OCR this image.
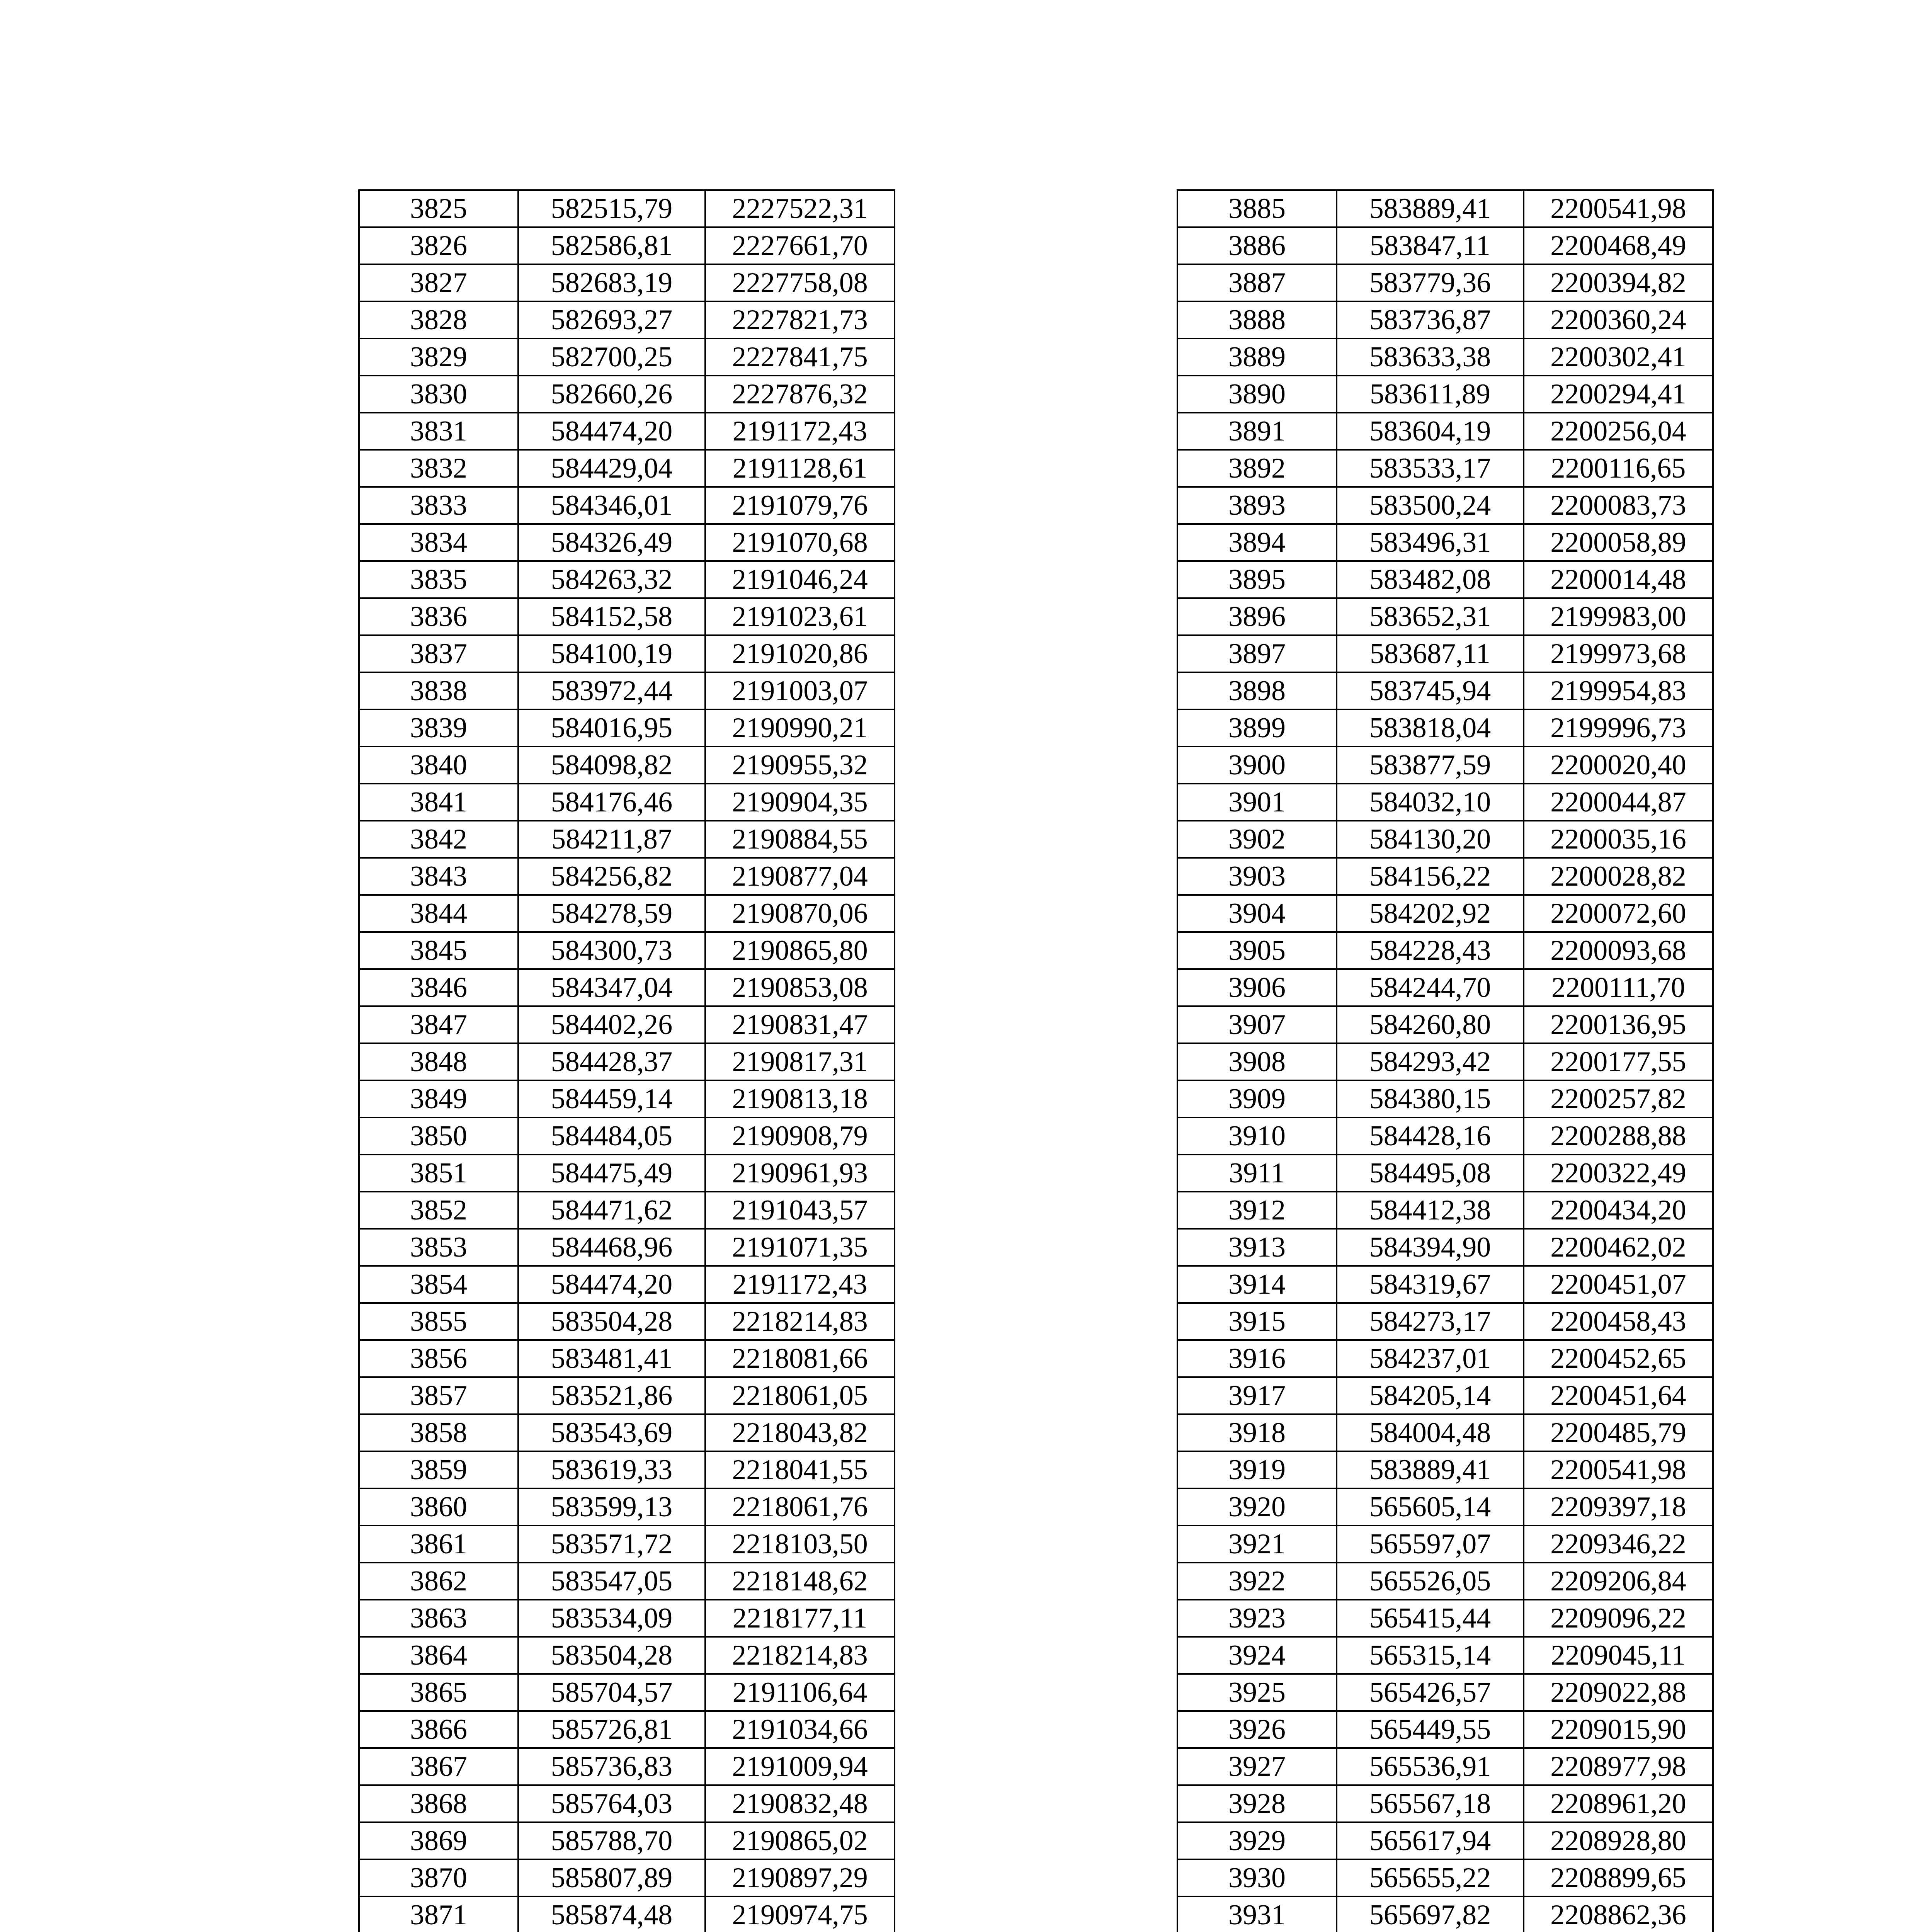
3825	582515,79	2227522,31
3826	582586,81	2227661,70
3827	582683,19	2227758,08
3828	582693,27	2227821,73
3829	582700,25	2227841,75
3830	582660,26	2227876,32
3831	584474,20	2191172,43
3832	584429,04	2191128,61
3833	584346,01	2191079,76
3834	584326,49	2191070,68
3835	584263,32	2191046,24
3836	584152,58	2191023,61
3837	584100,19	2191020,86
3838	583972,44	2191003,07
3839	584016,95	2190990,21
3840	584098,82	2190955,32
3841	584176,46	2190904,35
3842	584211,87	2190884,55
3843	584256,82	2190877,04
3844	584278,59	2190870,06
3845	584300,73	2190865,80
3846	584347,04	2190853,08
3847	584402,26	2190831,47
3848	584428,37	2190817,31
3849	584459,14	2190813,18
3850	584484,05	2190908,79
3851	584475,49	2190961,93
3852	584471,62	2191043,57
3853	584468,96	2191071,35
3854	584474,20	2191172,43
3855	583504,28	2218214,83
3856	583481,41	2218081,66
3857	583521,86	2218061,05
3858	583543,69	2218043,82
3859	583619,33	2218041,55
3860	583599,13	2218061,76
3861	583571,72	2218103,50
3862	583547,05	2218148,62
3863	583534,09	2218177,11
3864	583504,28	2218214,83
3865	585704,57	2191106,64
3866	585726,81	2191034,66
3867	585736,83	2191009,94
3868	585764,03	2190832,48
3869	585788,70	2190865,02
3870	585807,89	2190897,29
3871	585874,48	2190974,75

3885	583889,41	2200541,98
3886	583847,11	2200468,49
3887	583779,36	2200394,82
3888	583736,87	2200360,24
3889	583633,38	2200302,41
3890	583611,89	2200294,41
3891	583604,19	2200256,04
3892	583533,17	2200116,65
3893	583500,24	2200083,73
3894	583496,31	2200058,89
3895	583482,08	2200014,48
3896	583652,31	2199983,00
3897	583687,11	2199973,68
3898	583745,94	2199954,83
3899	583818,04	2199996,73
3900	583877,59	2200020,40
3901	584032,10	2200044,87
3902	584130,20	2200035,16
3903	584156,22	2200028,82
3904	584202,92	2200072,60
3905	584228,43	2200093,68
3906	584244,70	2200111,70
3907	584260,80	2200136,95
3908	584293,42	2200177,55
3909	584380,15	2200257,82
3910	584428,16	2200288,88
3911	584495,08	2200322,49
3912	584412,38	2200434,20
3913	584394,90	2200462,02
3914	584319,67	2200451,07
3915	584273,17	2200458,43
3916	584237,01	2200452,65
3917	584205,14	2200451,64
3918	584004,48	2200485,79
3919	583889,41	2200541,98
3920	565605,14	2209397,18
3921	565597,07	2209346,22
3922	565526,05	2209206,84
3923	565415,44	2209096,22
3924	565315,14	2209045,11
3925	565426,57	2209022,88
3926	565449,55	2209015,90
3927	565536,91	2208977,98
3928	565567,18	2208961,20
3929	565617,94	2208928,80
3930	565655,22	2208899,65
3931	565697,82	2208862,36
